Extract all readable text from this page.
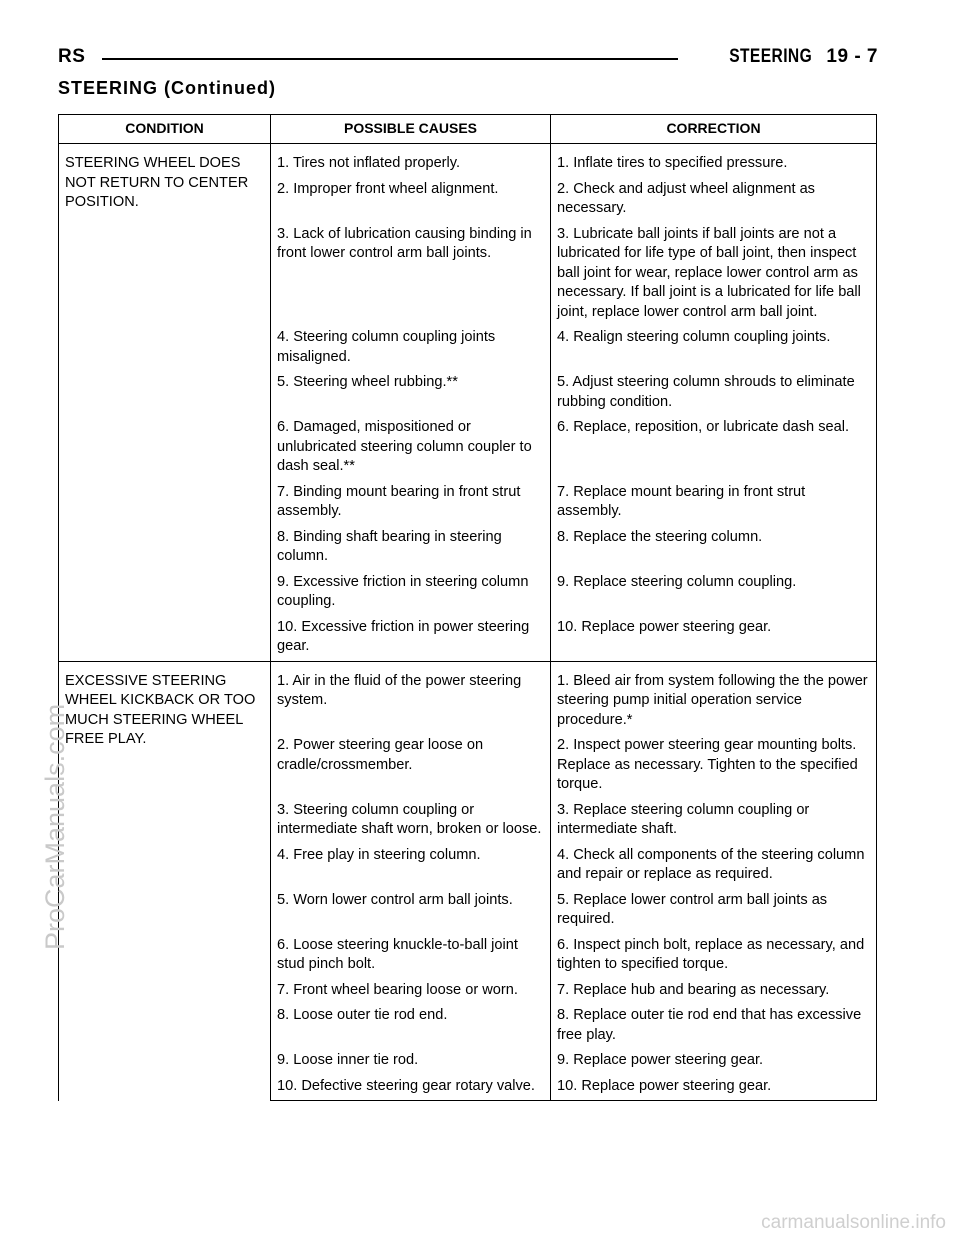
RS	STEERING 19 - 7
STEERING (Continued)
CONDITION	POSSIBLE CAUSES	CORRECTION
STEERING WHEEL DOES NOT RETURN TO CENTER POSITION.	1. Tires not inflated properly.	1. Inflate tires to specified pressure.
	2. Improper front wheel alignment.	2. Check and adjust wheel alignment as necessary.
	3. Lack of lubrication causing binding in front lower control arm ball joints.	3. Lubricate ball joints if ball joints are not a lubricated for life type of ball joint, then inspect ball joint for wear, replace lower control arm as necessary. If ball joint is a lubricated for life ball joint, replace lower control arm ball joint.
	4. Steering column coupling joints misaligned.	4. Realign steering column coupling joints.
	5. Steering wheel rubbing.**	5. Adjust steering column shrouds to eliminate rubbing condition.
	6. Damaged, mispositioned or unlubricated steering column coupler to dash seal.**	6. Replace, reposition, or lubricate dash seal.
	7. Binding mount bearing in front strut assembly.	7. Replace mount bearing in front strut assembly.
	8. Binding shaft bearing in steering column.	8. Replace the steering column.
	9. Excessive friction in steering column coupling.	9. Replace steering column coupling.
	10. Excessive friction in power steering gear.	10. Replace power steering gear.
EXCESSIVE STEERING WHEEL KICKBACK OR TOO MUCH STEERING WHEEL FREE PLAY.	1. Air in the fluid of the power steering system.	1. Bleed air from system following the the power steering pump initial operation service procedure.*
	2. Power steering gear loose on cradle/crossmember.	2. Inspect power steering gear mounting bolts. Replace as necessary. Tighten to the specified torque.
	3. Steering column coupling or intermediate shaft worn, broken or loose.	3. Replace steering column coupling or intermediate shaft.
	4. Free play in steering column.	4. Check all components of the steering column and repair or replace as required.
	5. Worn lower control arm ball joints.	5. Replace lower control arm ball joints as required.
	6. Loose steering knuckle-to-ball joint stud pinch bolt.	6. Inspect pinch bolt, replace as necessary, and tighten to specified torque.
	7. Front wheel bearing loose or worn.	7. Replace hub and bearing as necessary.
	8. Loose outer tie rod end.	8. Replace outer tie rod end that has excessive free play.
	9. Loose inner tie rod.	9. Replace power steering gear.
	10. Defective steering gear rotary valve.	10. Replace power steering gear.
ProCarManuals.com
carmanualsonline.info
